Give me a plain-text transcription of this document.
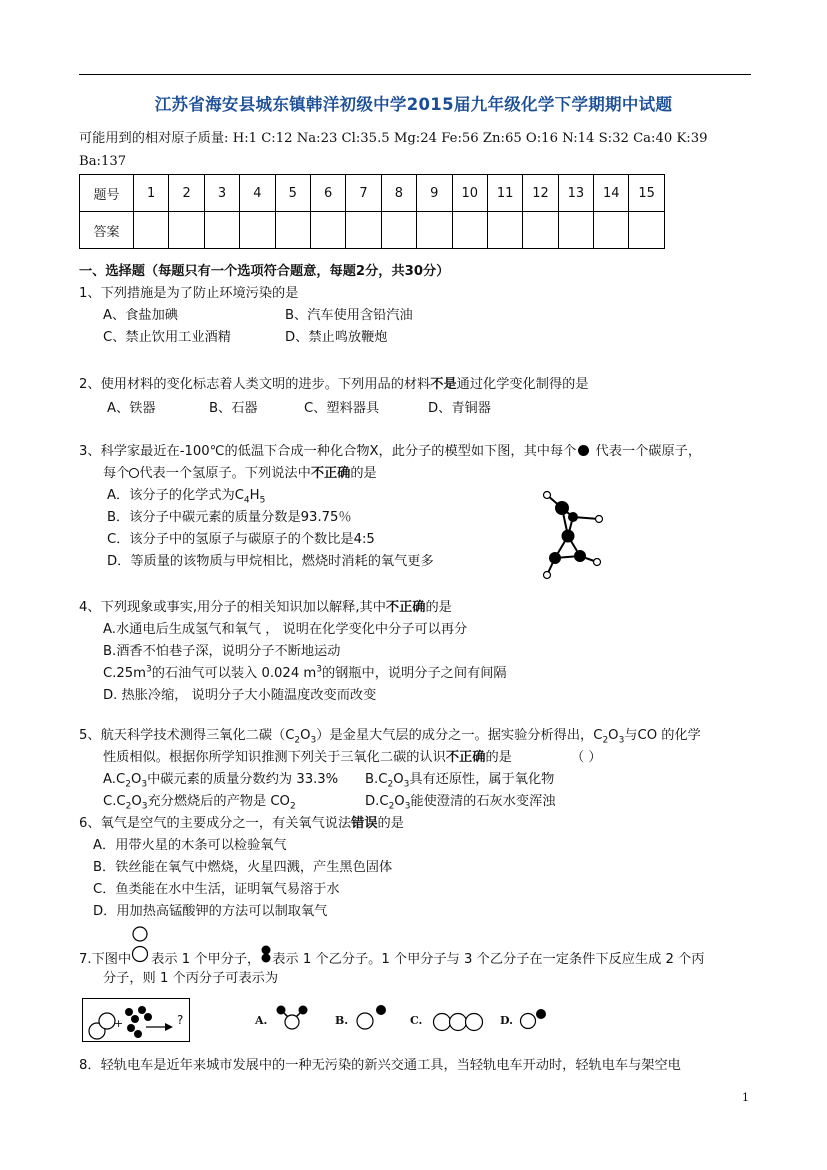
江苏省海安县城东镇韩洋初级中学2015届九年级化学下学期期中试题
可能用到的相对原子质量: H:1 C:12 Na:23 Cl:35.5 Mg:24 Fe:56 Zn:65 O:16 N:14 S:32 Ca:40 K:39
Ba:137
题号	1	2	3	4	5	6	7	8	9	10	11	12	13	14	15
答案															
一、选择题（每题只有一个选项符合题意，每题2分，共30分）
1、下列措施是为了防止环境污染的是
A、食盐加碘	B、汽车使用含铅汽油
C、禁止饮用工业酒精	D、禁止鸣放鞭炮
2、使用材料的变化标志着人类文明的进步。下列用品的材料不是通过化学变化制得的是
A、铁器	B、石器	C、塑料器具	D、青铜器
3、科学家最近在-100℃的低温下合成一种化合物X，此分子的模型如下图，其中每个 代表一个碳原子，
每个 代表一个氢原子。下列说法中不正确的是
A．该分子的化学式为$C_4H_5$
B．该分子中碳元素的质量分数是93.75％
C．该分子中的氢原子与碳原子的个数比是4:5
D．等质量的该物质与甲烷相比，燃烧时消耗的氧气更多
4、下列现象或事实,用分子的相关知识加以解释,其中不正确的是
A.水通电后生成氢气和氧气 ， 说明在化学变化中分子可以再分
B.酒香不怕巷子深，说明分子不断地运动
$C.25m^3$的石油气可以装入 0.024 $m^3$的钢瓶中，说明分子之间有间隔
D. 热胀冷缩， 说明分子大小随温度改变而改变
5、航天科学技术测得三氧化二碳$(C_2O_3)$是金星大气层的成分之一。据实验分析得出，$C_2O_3$与CO 的化学
性质相似。根据你所学知识推测下列关于三氧化二碳的认识不正确的是	（ ）
$A.C_2O_3$中碳元素的质量分数约为 33.3% $B.C_2O_3$具有还原性，属于氧化物
$C.C_2O_3$充分燃烧后的产物是 $CO_2$	$D.C_2O_3$能使澄清的石灰水变浑浊
6、氧气是空气的主要成分之一，有关氧气说法错误的是
A．用带火星的木条可以检验氧气
B．铁丝能在氧气中燃烧，火星四溅，产生黑色固体
C．鱼类能在水中生活，证明氧气易溶于水
D．用加热高锰酸钾的方法可以制取氧气
7.下图中 表示 1 个甲分子， 表示 1 个乙分子。1 个甲分子与 3 个乙分子在一定条件下反应生成 2 个丙
分子，则 1 个丙分子可表示为
+	?	A.	B.	C.	D.
8．轻轨电车是近年来城市发展中的一种无污染的新兴交通工具，当轻轨电车开动时，轻轨电车与架空电
1
